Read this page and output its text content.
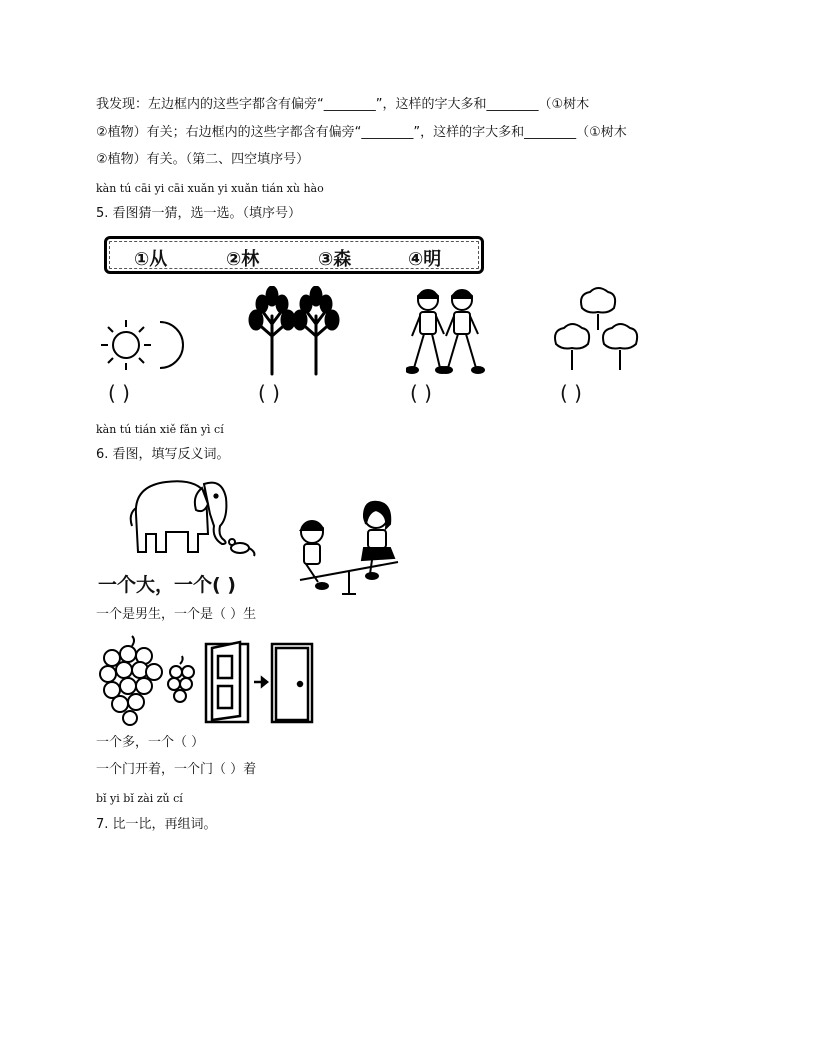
我发现：左边框内的这些字都含有偏旁“________”，这样的字大多和________（①树木
②植物）有关；右边框内的这些字都含有偏旁“________”，这样的字大多和________（①树木
②植物）有关。（第二、四空填序号）
kàn tú cāi yi cāi xuǎn yi xuǎn tián xù hào
5. 看图猜一猜，选一选。（填序号）
①从	②林	③森	④明
( )	( )	( )	( )
kàn tú tián xiě fǎn yì cí
6. 看图，填写反义词。
一个大，一个( )
一个是男生，一个是（ ）生
一个多，一个（ ）
一个门开着，一个门（ ）着
bǐ yi bǐ zài zǔ cí
7. 比一比，再组词。
